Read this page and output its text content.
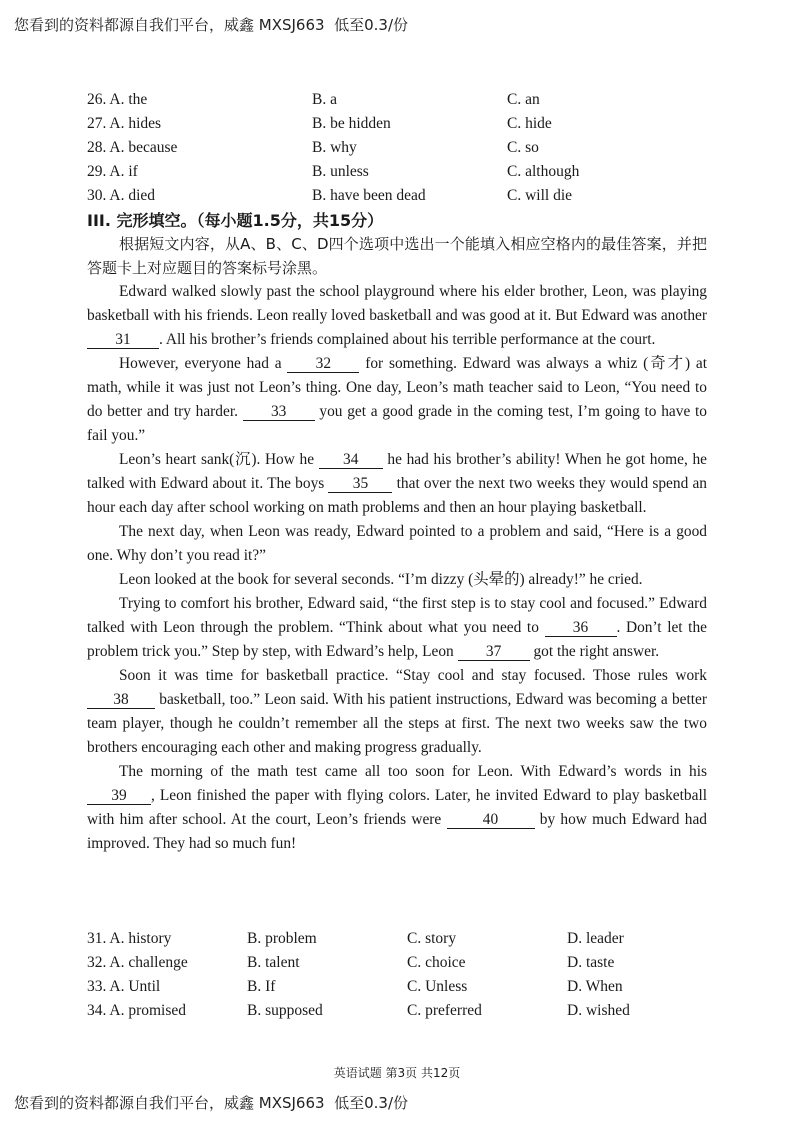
您看到的资料都源自我们平台，威鑫 MXSJ663  低至0.3/份
26. A. the	B. a	C. an
27. A. hides	B. be hidden	C. hide
28. A. because	B. why	C. so
29. A. if	B. unless	C. although
30. A. died	B. have been dead	C. will die
III. 完形填空。（每小题1.5分，共15分）

根据短文内容，从A、B、C、D四个选项中选出一个能填入相应空格内的最佳答案，并把答题卡上对应题目的答案标号涂黑。

Edward walked slowly past the school playground where his elder brother, Leon, was playing basketball with his friends. Leon really loved basketball and was good at it. But Edward was another 31 . All his brother’s friends complained about his terrible performance at the court.

However, everyone had a 32 for something. Edward was always a whiz (奇才) at math, while it was just not Leon’s thing. One day, Leon’s math teacher said to Leon, “You need to do better and try harder. 33 you get a good grade in the coming test, I’m going to have to fail you.”

Leon’s heart sank(沉). How he 34 he had his brother’s ability! When he got home, he talked with Edward about it. The boys 35 that over the next two weeks they would spend an hour each day after school working on math problems and then an hour playing basketball.

The next day, when Leon was ready, Edward pointed to a problem and said, “Here is a good one. Why don’t you read it?”

Leon looked at the book for several seconds. “I’m dizzy (头晕的) already!” he cried.

Trying to comfort his brother, Edward said, “the first step is to stay cool and focused.” Edward talked with Leon through the problem. “Think about what you need to 36 . Don’t let the problem trick you.” Step by step, with Edward’s help, Leon 37 got the right answer.

Soon it was time for basketball practice. “Stay cool and stay focused. Those rules work 38 basketball, too.” Leon said. With his patient instructions, Edward was becoming a better team player, though he couldn’t remember all the steps at first. The next two weeks saw the two brothers encouraging each other and making progress gradually.

The morning of the math test came all too soon for Leon. With Edward’s words in his 39 , Leon finished the paper with flying colors. Later, he invited Edward to play basketball with him after school. At the court, Leon’s friends were 40 by how much Edward had improved. They had so much fun!

31. A. history	B. problem	C. story	D. leader
32. A. challenge	B. talent	C. choice	D. taste
33. A. Until	B. If	C. Unless	D. When
34. A. promised	B. supposed	C. preferred	D. wished
英语试题 第3页 共12页
您看到的资料都源自我们平台，威鑫 MXSJ663  低至0.3/份
